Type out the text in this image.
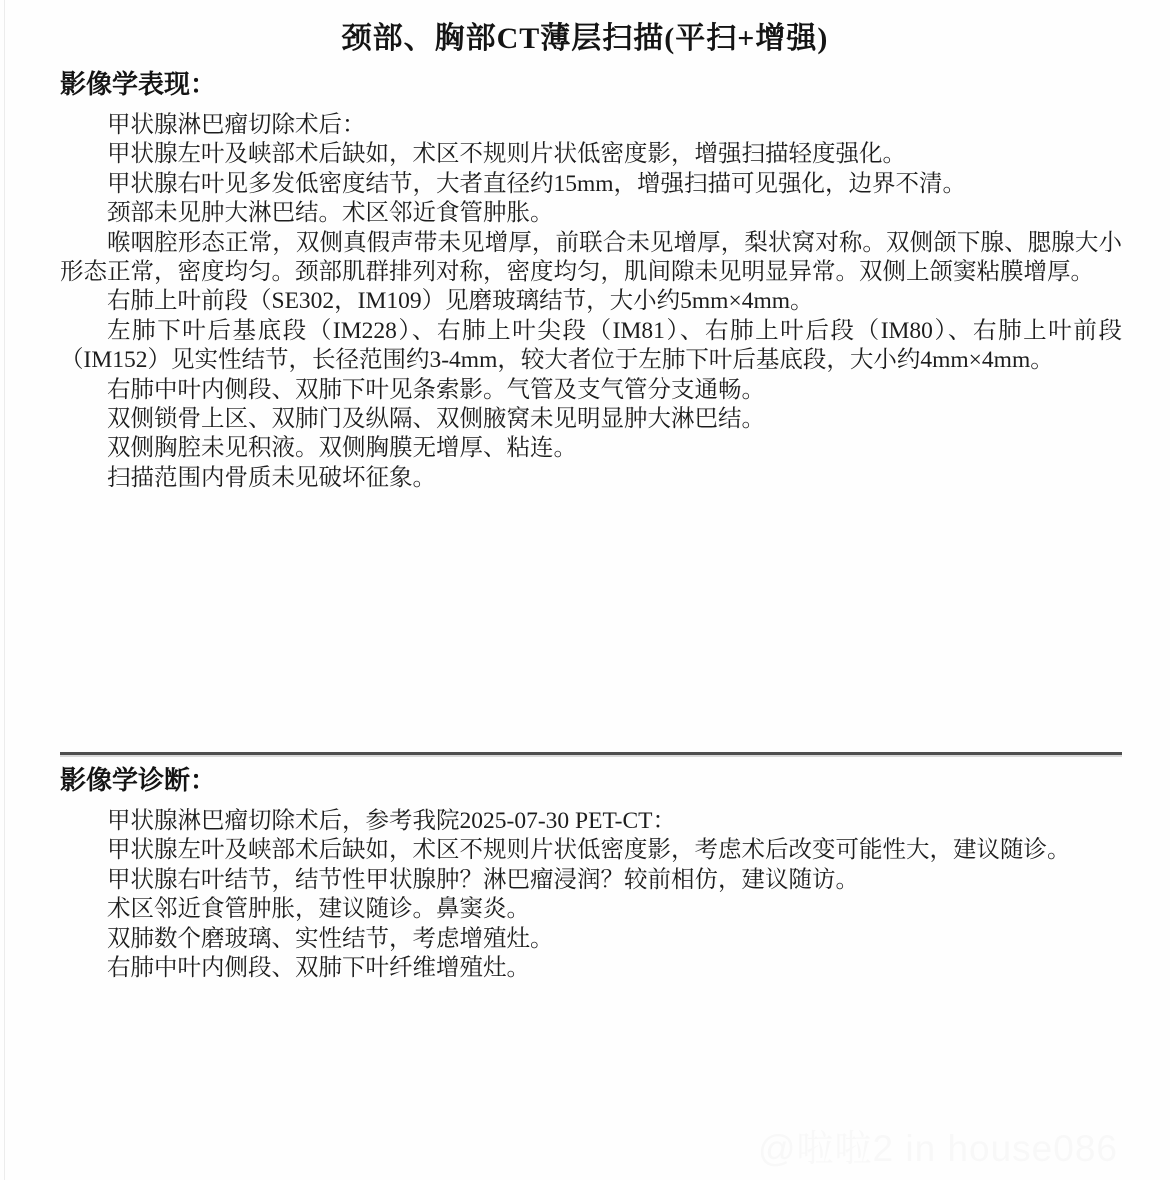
颈部、胸部CT薄层扫描(平扫+增强)
影像学表现：

甲状腺淋巴瘤切除术后：

甲状腺左叶及峡部术后缺如，术区不规则片状低密度影，增强扫描轻度强化。

甲状腺右叶见多发低密度结节，大者直径约15mm，增强扫描可见强化，边界不清。

颈部未见肿大淋巴结。术区邻近食管肿胀。

喉咽腔形态正常，双侧真假声带未见增厚，前联合未见增厚，梨状窝对称。双侧颌下腺、腮腺大小形态正常，密度均匀。颈部肌群排列对称，密度均匀，肌间隙未见明显异常。双侧上颌窦粘膜增厚。

右肺上叶前段（SE302，IM109）见磨玻璃结节，大小约5mm×4mm。

左肺下叶后基底段（IM228）、右肺上叶尖段（IM81）、右肺上叶后段（IM80）、右肺上叶前段（IM152）见实性结节，长径范围约3-4mm，较大者位于左肺下叶后基底段，大小约4mm×4mm。

右肺中叶内侧段、双肺下叶见条索影。气管及支气管分支通畅。

双侧锁骨上区、双肺门及纵隔、双侧腋窝未见明显肿大淋巴结。

双侧胸腔未见积液。双侧胸膜无增厚、粘连。

扫描范围内骨质未见破坏征象。

影像学诊断：

甲状腺淋巴瘤切除术后，参考我院2025-07-30 PET-CT：

甲状腺左叶及峡部术后缺如，术区不规则片状低密度影，考虑术后改变可能性大，建议随诊。

甲状腺右叶结节，结节性甲状腺肿？淋巴瘤浸润？较前相仿，建议随访。

术区邻近食管肿胀，建议随诊。鼻窦炎。

双肺数个磨玻璃、实性结节，考虑增殖灶。

右肺中叶内侧段、双肺下叶纤维增殖灶。

@啦啦2 in house086
